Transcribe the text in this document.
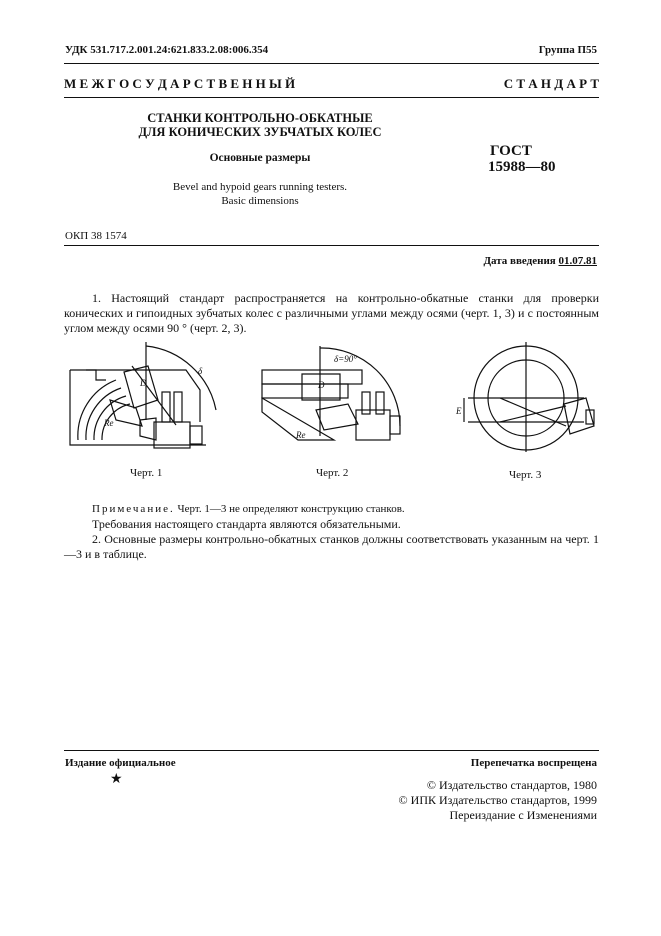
УДК 531.717.2.001.24:621.833.2.08:006.354	Группа П55
М Е Ж Г О С У Д А Р С Т В Е Н Н Ы Й	С Т А Н Д А Р Т
СТАНКИ КОНТРОЛЬНО-ОБКАТНЫЕ
ДЛЯ КОНИЧЕСКИХ ЗУБЧАТЫХ КОЛЕС
Основные размеры
Bevel and hypoid gears running testers.
Basic dimensions
ГОСТ
15988—80
ОКП 38 1574
Дата введения 01.07.81
1. Настоящий стандарт распространяется на контрольно-обкатные станки для проверки конических и гипоидных зубчатых колес с различными углами между осями (черт. 1, 3) и с постоянным углом между осями 90 ° (черт. 2, 3).
D
Re
δ
Черт. 1
D
Re
δ=90°
Черт. 2
E
Черт. 3
Примечание. Черт. 1—3 не определяют конструкцию станков.
Требования настоящего стандарта являются обязательными.
2. Основные размеры контрольно-обкатных станков должны соответствовать указанным на черт. 1—3 и в таблице.
Издание официальное
★
Перепечатка воспрещена
© Издательство стандартов, 1980
© ИПК Издательство стандартов, 1999
Переиздание с Изменениями
